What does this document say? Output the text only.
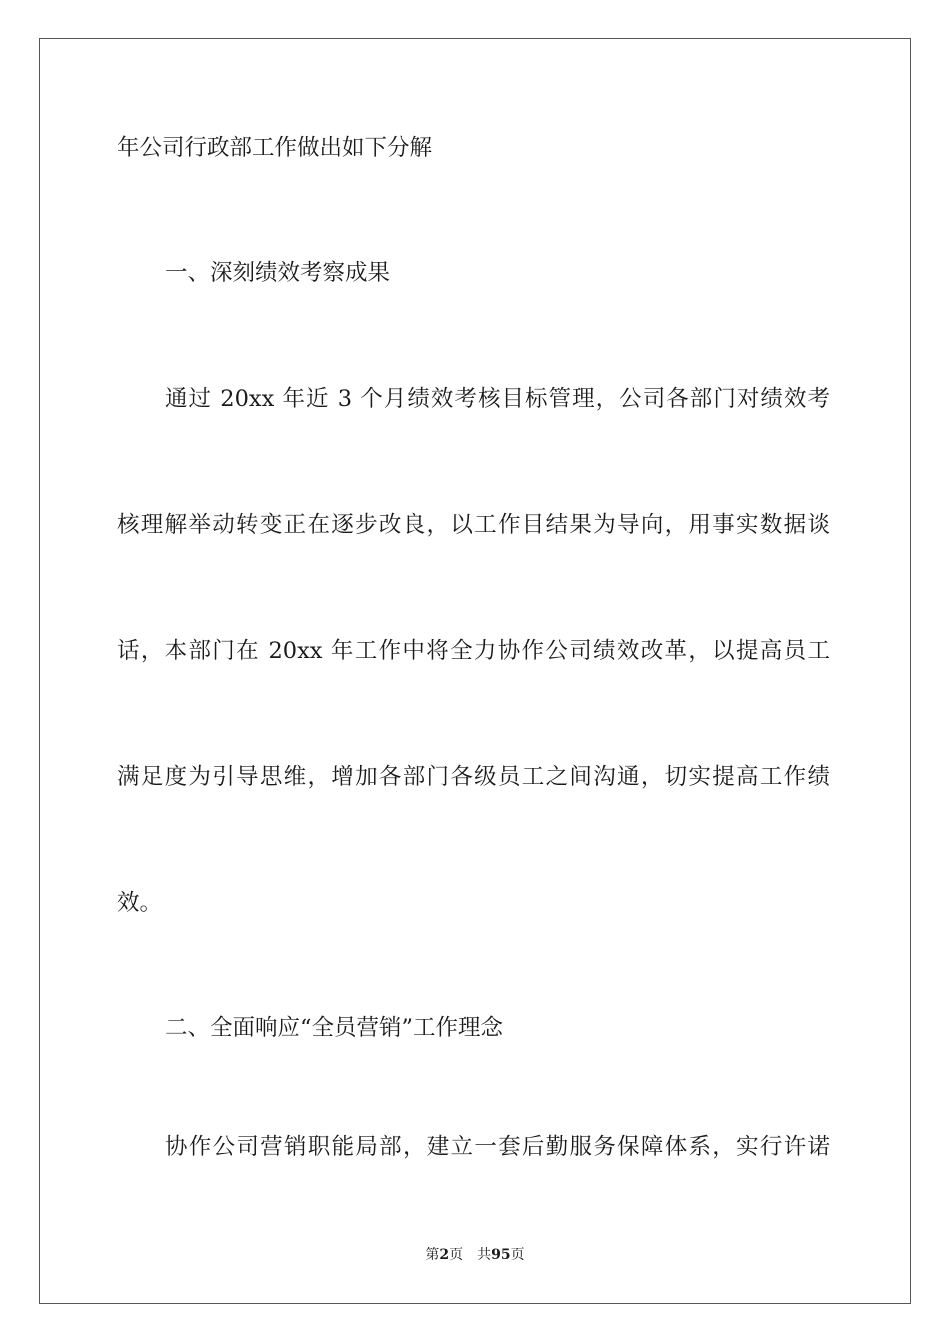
年公司行政部工作做出如下分解
一、深刻绩效考察成果
通过 20xx 年近 3 个月绩效考核目标管理，公司各部门对绩效考
核理解举动转变正在逐步改良，以工作目结果为导向，用事实数据谈
话，本部门在 20xx 年工作中将全力协作公司绩效改革，以提高员工
满足度为引导思维，增加各部门各级员工之间沟通，切实提高工作绩
效。
二、全面响应“全员营销”工作理念
协作公司营销职能局部，建立一套后勤服务保障体系，实行许诺
第2页 共95页
